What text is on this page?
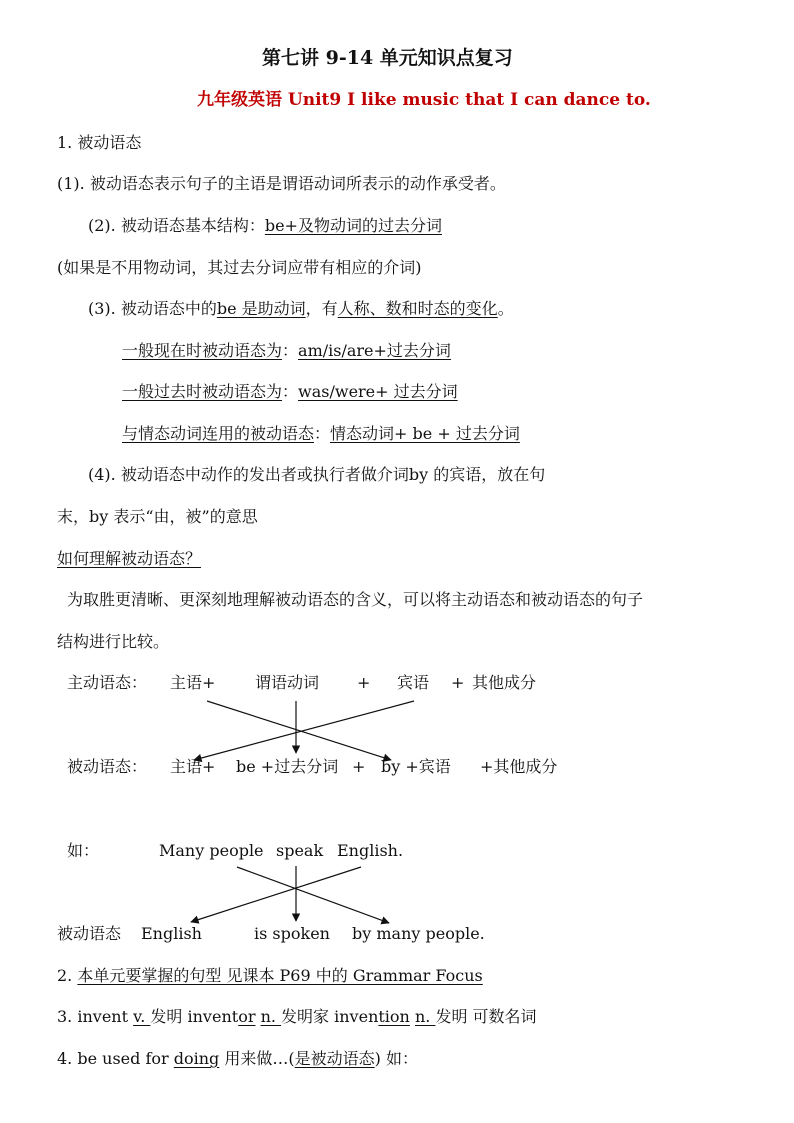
第七讲 9-14 单元知识点复习
九年级英语 Unit9 I like music that I can dance to.
1. 被动语态
(1). 被动语态表示句子的主语是谓语动词所表示的动作承受者。
(2). 被动语态基本结构：be+及物动词的过去分词
(如果是不用物动词，其过去分词应带有相应的介词)
(3). 被动语态中的be 是助动词，有人称、数和时态的变化。
一般现在时被动语态为：am/is/are+过去分词
一般过去时被动语态为：was/were+ 过去分词
与情态动词连用的被动语态：情态动词+ be + 过去分词
(4). 被动语态中动作的发出者或执行者做介词by 的宾语，放在句
末，by 表示“由，被”的意思
如何理解被动语态？
为取胜更清晰、更深刻地理解被动语态的含义，可以将主动语态和被动语态的句子
结构进行比较。
主动语态： 主语+ 谓语动词 + 宾语 + 其他成分
被动语态： 主语+ be +过去分词 + by +宾语 +其他成分
如：	Many people speak English.
被动语态 English	is spoken by many people.
2. 本单元要掌握的句型 见课本 P69 中的 Grammar Focus
3. invent v. 发明 inventor n. 发明家 invention n. 发明 可数名词
4. be used for doing 用来做…(是被动语态) 如：
